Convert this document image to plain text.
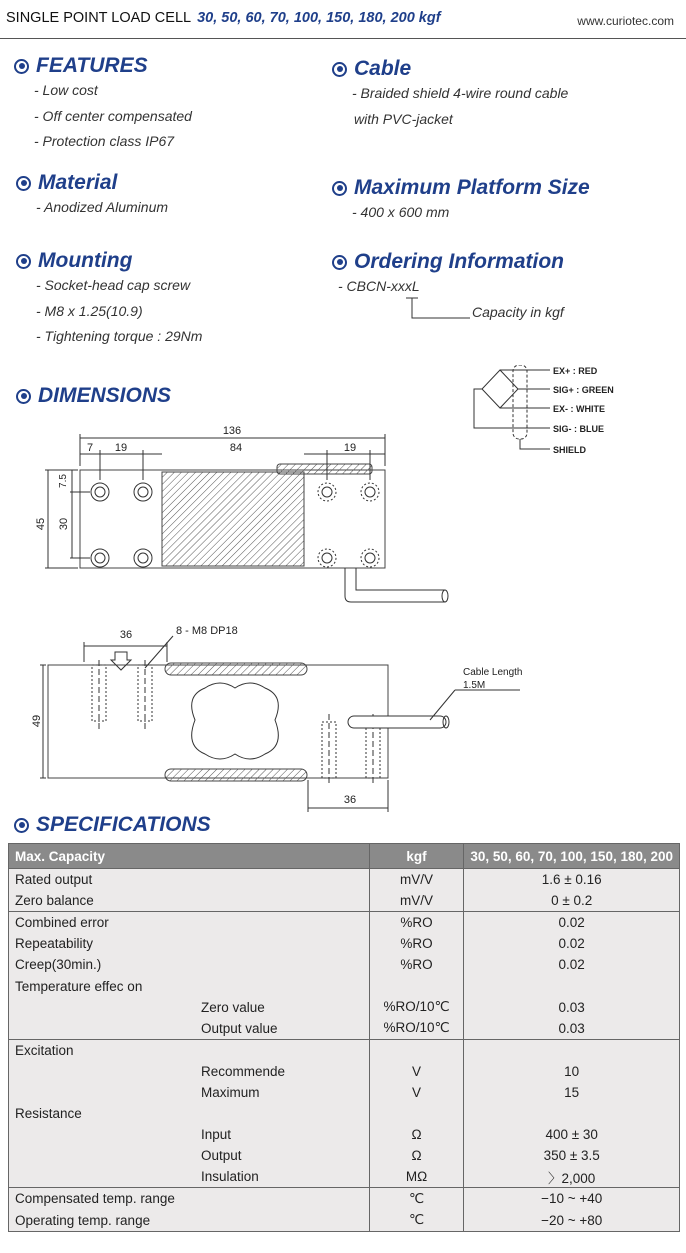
SINGLE POINT LOAD CELL 30, 50, 60, 70, 100, 150, 180, 200 kgf	www.curiotec.com
FEATURES
- Low cost
- Off center compensated
- Protection class IP67
Cable
- Braided shield 4-wire round cable
with PVC-jacket
Material
- Anodized Aluminum
Maximum Platform Size
- 400 x 600 mm
Mounting
- Socket-head cap screw
- M8 x 1.25(10.9)
- Tightening torque : 29Nm
Ordering Information
- CBCN-xxxL
Capacity in kgf
EX+ : RED
SIG+ : GREEN
EX- : WHITE
SIG- : BLUE
SHIELD
DIMENSIONS
136
7 19	84	19
7.5
30
45
36	8 - M8 DP18
49
36
Cable Length
1.5M
SPECIFICATIONS
Max. Capacity	kgf	30, 50, 60, 70, 100, 150, 180, 200
Rated output	mV/V	1.6 ± 0.16
Zero balance	mV/V	0 ± 0.2
Combined error	%RO	0.02
Repeatability	%RO	0.02
Creep(30min.)	%RO	0.02
Temperature effec on		
Zero value	%RO/10℃	0.03
Output value	%RO/10℃	0.03
Excitation		
Recommende	V	10
Maximum	V	15
Resistance		
Input	Ω	400 ± 30
Output	Ω	350 ± 3.5
Insulation	MΩ	〉2,000
Compensated temp. range	℃	−10 ~ +40
Operating temp. range	℃	−20 ~ +80
